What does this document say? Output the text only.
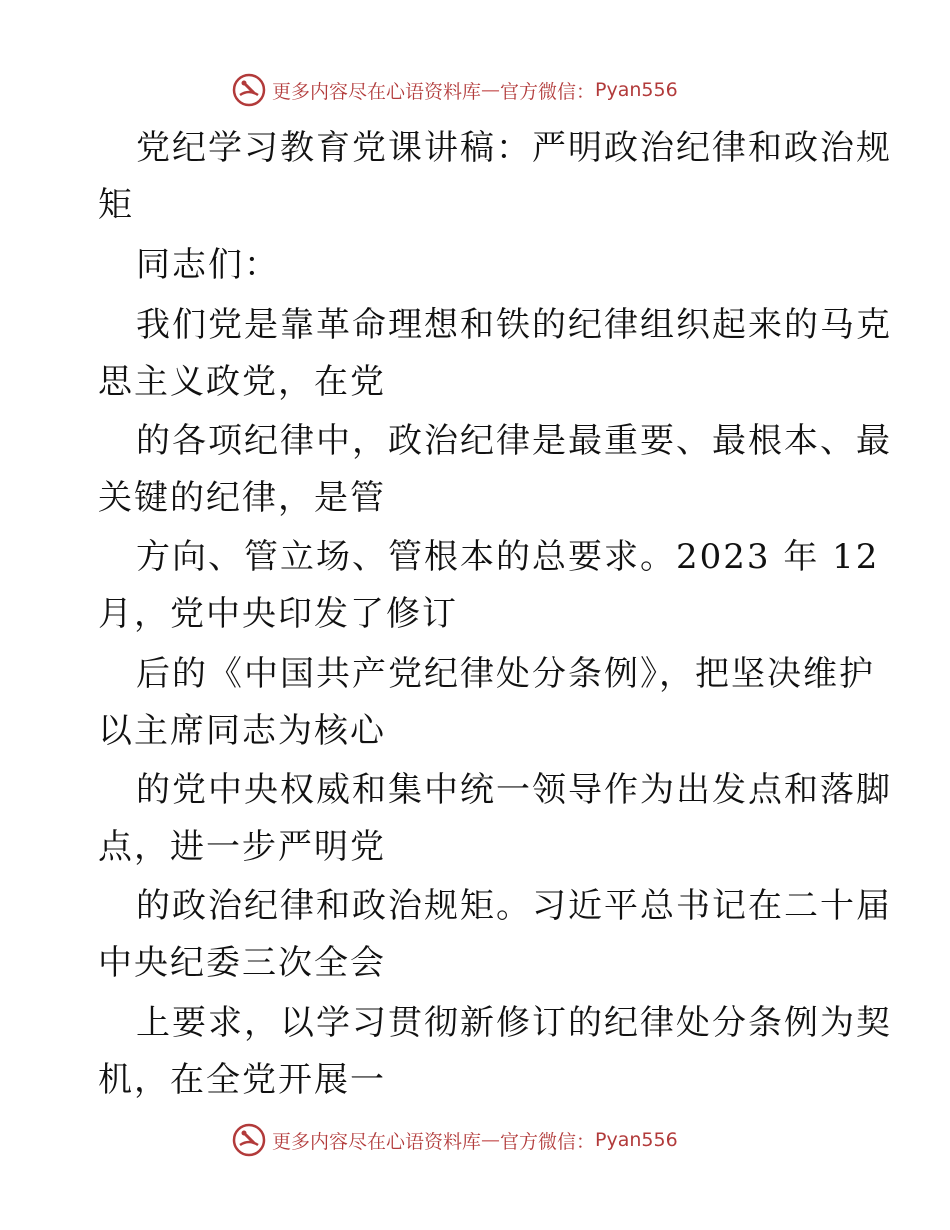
更多内容尽在心语资料库 — 官方微信： Pyan556
党纪学习教育党课讲稿：严明政治纪律和政治规
矩
同志们：
我们党是靠革命理想和铁的纪律组织起来的马克
思主义政党，在党
的各项纪律中，政治纪律是最重要、最根本、最
关键的纪律，是管
方向、管立场、管根本的总要求。2023 年 12
月，党中央印发了修订
后的《中国共产党纪律处分条例》，把坚决维护
以主席同志为核心
的党中央权威和集中统一领导作为出发点和落脚
点，进一步严明党
的政治纪律和政治规矩。习近平总书记在二十届
中央纪委三次全会
上要求，以学习贯彻新修订的纪律处分条例为契
机，在全党开展一
更多内容尽在心语资料库 — 官方微信： Pyan556
